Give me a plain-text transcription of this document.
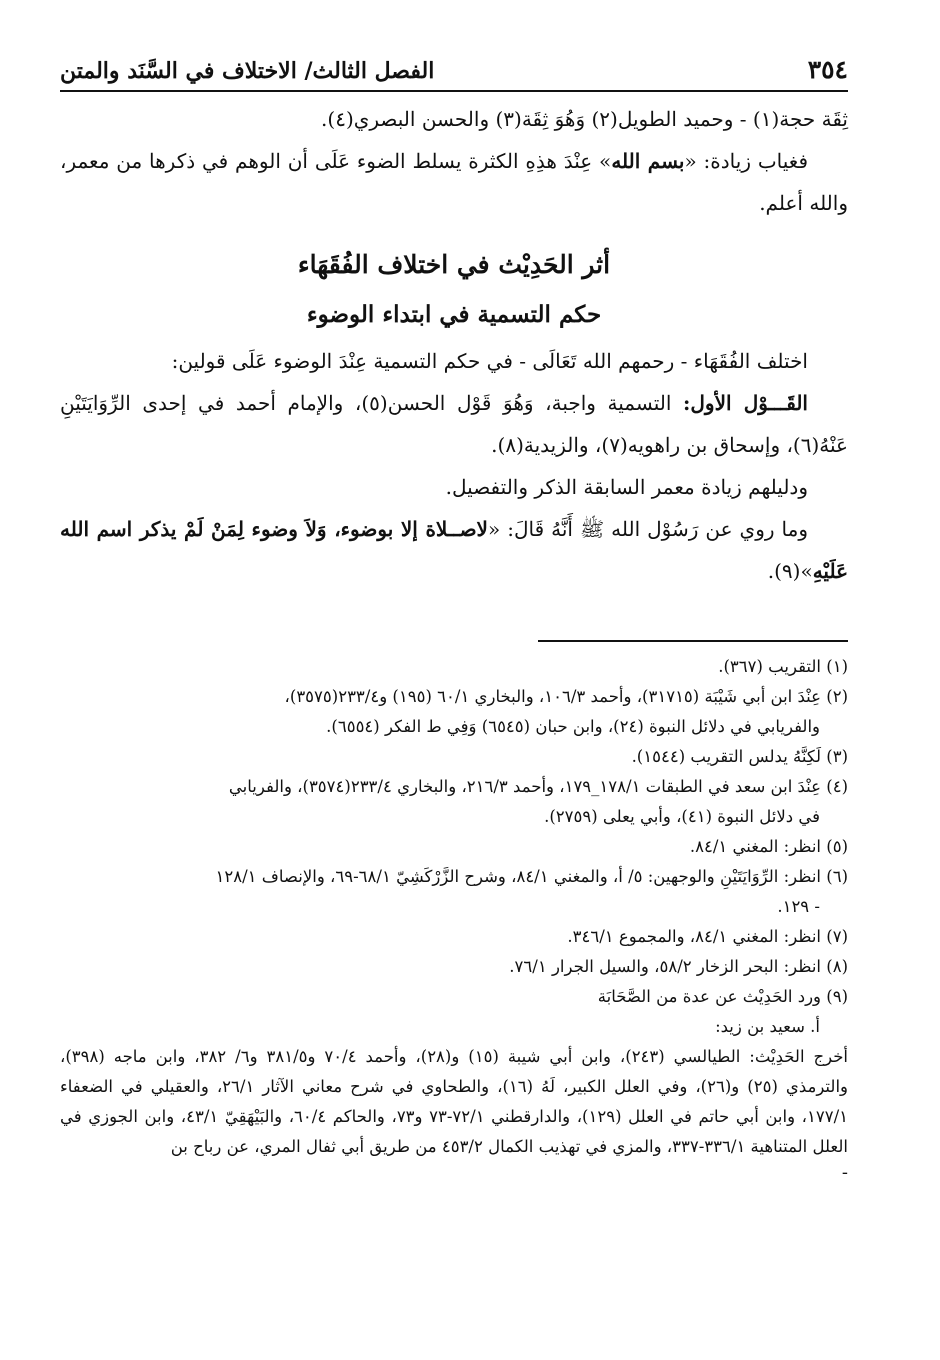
٣٥٤
الفصل الثالث/ الاختلاف في السَّنَد والمتن

ثِقَة حجة(١) - وحميد الطويل(٢) وَهُوَ ثِقَة(٣) والحسن البصري(٤).

فغياب زيادة: «بسم الله» عِنْدَ هذِهِ الكثرة يسلط الضوء عَلَى أن الوهم في ذكرها من معمر، والله أعلم.

أثر الحَدِيْث في اختلاف الفُقَهَاء
حكم التسمية في ابتداء الوضوء

اختلف الفُقَهَاء - رحمهم الله تَعَالَى - في حكم التسمية عِنْدَ الوضوء عَلَى قولين:

القَـــوْل الأول: التسمية واجبة، وَهُوَ قَوْل الحسن(٥)، والإمام أحمد في إحدى الرِّوَايَتَيْنِ عَنْهُ(٦)، وإسحاق بن راهويه(٧)، والزيدية(٨).

ودليلهم زيادة معمر السابقة الذكر والتفصيل.

وما روي عن رَسُوْل الله ﷺ أَنَّهُ قَالَ: «لاصــلاة إلا بوضوء، وَلاَ وضوء لِمَنْ لَمْ يذكر اسم الله عَلَيْهِ»(٩).

(١) التقريب (٣٦٧).

(٢) عِنْدَ ابن أبي شَيْبَة (٣١٧١٥)، وأحمد ١٠٦/٣، والبخاري ٦٠/١ (١٩٥) و٢٣٣/٤(٣٥٧٥)،

والفريابي في دلائل النبوة (٢٤)، وابن حبان (٦٥٤٥) وَفِي ط الفكر (٦٥٥٤).

(٣) لَكِنَّهُ يدلس التقريب (١٥٤٤).

(٤) عِنْدَ ابن سعد في الطبقات ١٧٨/١_١٧٩، وأحمد ٢١٦/٣، والبخاري ٢٣٣/٤(٣٥٧٤)، والفريابي

في دلائل النبوة (٤١)، وأبي يعلى (٢٧٥٩).

(٥) انظر: المغني ٨٤/١.

(٦) انظر: الرِّوَايَتَيْنِ والوجهين: ٥/ أ، والمغني ٨٤/١، وشرح الزَّرْكَشِيّ ٦٨/١-٦٩، والإنصاف ١٢٨/١

- ١٢٩.

(٧) انظر: المغني ٨٤/١، والمجموع ٣٤٦/١.

(٨) انظر: البحر الزخار ٥٨/٢، والسيل الجرار ٧٦/١.

(٩) ورد الحَدِيْث عن عدة من الصَّحَابَة

أ. سعيد بن زيد:

أخرج الحَدِيْث: الطيالسي (٢٤٣)، وابن أبي شيبة (١٥) و(٢٨)، وأحمد ٧٠/٤ و٣٨١/٥ و٦/ ٣٨٢، وابن ماجه (٣٩٨)، والترمذي (٢٥) و(٢٦)، وفي العلل الكبير، لَهُ (١٦)، والطحاوي في شرح معاني الآثار ٢٦/١، والعقيلي في الضعفاء ١٧٧/١، وابن أبي حاتم في العلل (١٢٩)، والدارقطني ٧٢/١-٧٣ و٧٣، والحاكم ٦٠/٤، والبَيْهَقِيّ ٤٣/١، وابن الجوزي في العلل المتناهية ٣٣٦/١-٣٣٧، والمزي في تهذيب الكمال ٤٥٣/٢ من طريق أبي ثفال المري، عن رباح بن

-
